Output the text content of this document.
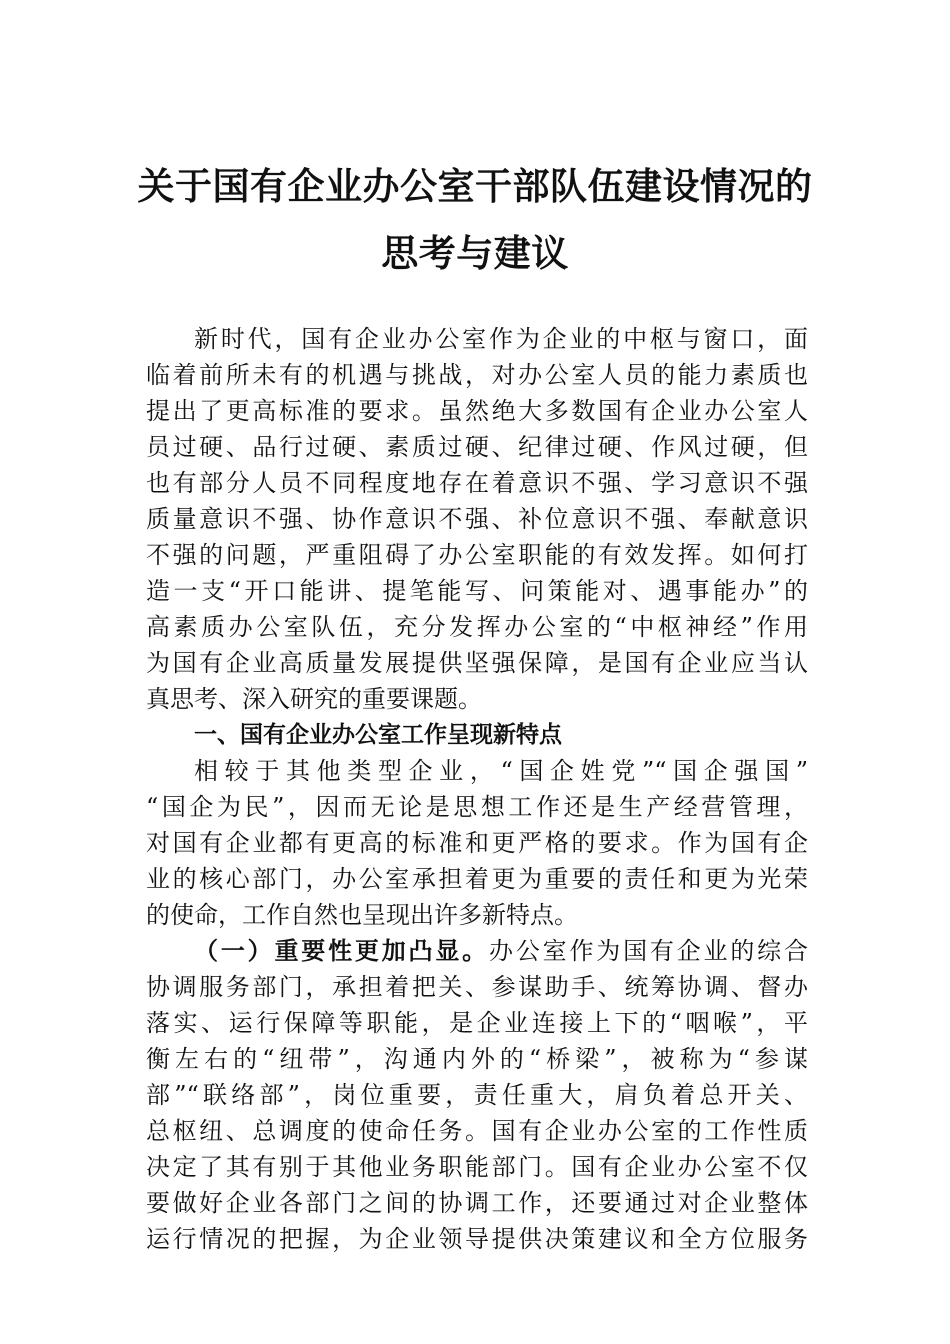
关于国有企业办公室干部队伍建设情况的
思考与建议
新时代，国有企业办公室作为企业的中枢与窗口，面
临着前所未有的机遇与挑战，对办公室人员的能力素质也
提出了更高标准的要求。虽然绝大多数国有企业办公室人
员过硬、品行过硬、素质过硬、纪律过硬、作风过硬，但
也有部分人员不同程度地存在着意识不强、学习意识不强
质量意识不强、协作意识不强、补位意识不强、奉献意识
不强的问题，严重阻碍了办公室职能的有效发挥。如何打
造一支“开口能讲、提笔能写、问策能对、遇事能办”的
高素质办公室队伍，充分发挥办公室的“中枢神经”作用
为国有企业高质量发展提供坚强保障，是国有企业应当认
真思考、深入研究的重要课题。
一、国有企业办公室工作呈现新特点
相较于其他类型企业，“国企姓党”“国企强国”
“国企为民”，因而无论是思想工作还是生产经营管理，
对国有企业都有更高的标准和更严格的要求。作为国有企
业的核心部门，办公室承担着更为重要的责任和更为光荣
的使命，工作自然也呈现出许多新特点。
（一）重要性更加凸显。办公室作为国有企业的综合
协调服务部门，承担着把关、参谋助手、统筹协调、督办
落实、运行保障等职能，是企业连接上下的“咽喉”，平
衡左右的“纽带”，沟通内外的“桥梁”，被称为“参谋
部”“联络部”，岗位重要，责任重大，肩负着总开关、
总枢纽、总调度的使命任务。国有企业办公室的工作性质
决定了其有别于其他业务职能部门。国有企业办公室不仅
要做好企业各部门之间的协调工作，还要通过对企业整体
运行情况的把握，为企业领导提供决策建议和全方位服务
